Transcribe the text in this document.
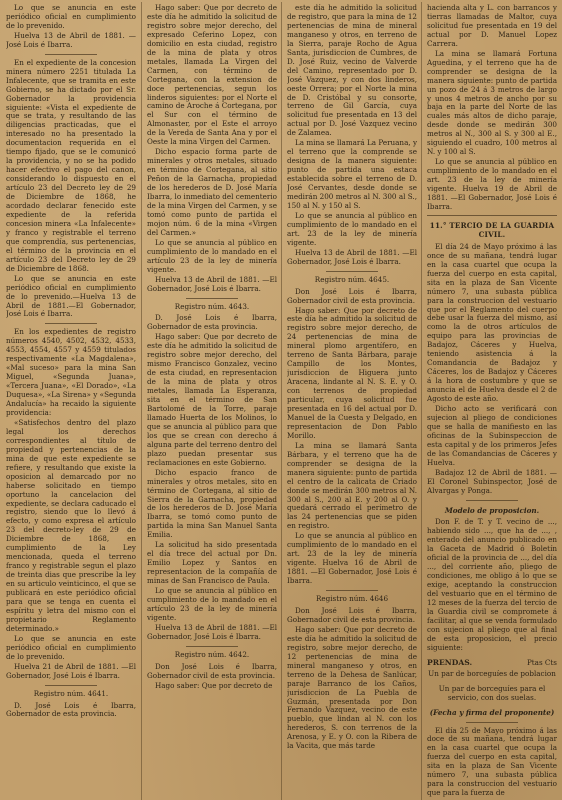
Lo que se anuncia en este periódico oficial en cumplimiento de lo prevenido.

Huelva 13 de Abril de 1881. —José Lois é Ibarra.

En el expediente de la concesion minera número 2251 titulada La Infalecente, que se tramita en este Gobierno, se ha dictado por el Sr. Gobernador la providencia siguiente: «Vista el expediente de que se trata, y resultando de las diligencias practicadas, que el interesado no ha presentado la documentacion requerida en el tiempo fijado, que se le comunicó la providencia, y no se ha podido hacer efectivo el pago del canon, considerando lo dispuesto en el artículo 23 del Decreto ley de 29 de Diciembre de 1868, he acordado declarar fenecido este expediente de la referida concesion minera «La Infalecente» y franco y registrable el terreno que comprendía, sus pertenencias, el término de la provincia en el artículo 23 del Decreto ley de 29 de Diciembre de 1868.

Lo que se anuncia en este periódico oficial en cumplimiento de lo prevenido.—Huelva 13 de Abril de 1881.—El Gobernador, José Lois é Ibarra.

En los expedientes de registro números 4540, 4502, 4532, 4533, 4553, 4554, 4557 y 4559 titulados respectivamente «La Magdalena», «Mal suceso» para la mina San Miguel, «Segunda Juana», «Tercera Juana», «El Dorado», «La Duquesa», «La Sirena» y «Segunda Andalucía» ha recaido la siguiente providencia:

«Satisfechos dentro del plazo legal los derechos correspondientes al título de propiedad y pertenencias de la mina de que este expediente se refiere, y resultando que existe la oposicion al demarcado por no haberse solicitado en tiempo oportuno la cancelacion del expediente, se declara caducado el registro, siendo que lo llevó á efecto, y como expresa el artículo 23 del decreto-ley de 29 de Diciembre de 1868, en cumplimiento de la Ley mencionada, queda el terreno franco y registrable segun el plazo de treinta dias que prescribe la ley en su articulo veinticinco, el que se publicará en este periódico oficial para que se tenga en cuenta el espíritu y letra del mismo con el propietario Reglamento determinado.»

Lo que se anuncia en este periódico oficial en cumplimiento de lo prevenido.

Huelva 21 de Abril de 1881. —El Gobernador, José Lois é Ibarra.

Registro núm. 4641.

D. José Lois é Ibarra, Gobernador de esta provincia.

Hago saber: Que por decreto de este día he admitido la solicitud de registro sobre mejor derecho, del expresado Ceferino Lopez, con domicilio en esta ciudad, registro de la mina de plata y otros metales, llamada La Virgen del Carmen, con término de Cortegana, con la extension de doce pertenencias, segun los linderos siguientes: por el Norte el camino de Aroche á Cortegana, por el Sur con el término de Almonaster, por el Este el arroyo de la Vereda de Santa Ana y por el Oeste la mina Virgen del Carmen.

Dicho espacio forma parte de minerales y otros metales, situado en término de Cortegana, al sitio Peñon de la Garnacha, propiedad de los herederos de D. José María Ibarra, lo inmediato del cementerio de la mina Virgen del Carmen, y se tomó como punto de partida el mojon núm. 6 de la mina «Virgen del Carmen.»

Lo que se anuncia al público en cumplimiento de lo mandado en el artículo 23 de la ley de minería vigente.

Huelva 13 de Abril de 1881. —El Gobernador, José Lois é Ibarra.

Registro núm. 4643.

D. José Lois é Ibarra, Gobernador de esta provincia.

Hago saber: Que por decreto de este día he admitido la solicitud de registro sobre mejor derecho, del mismo Francisco Gonzalez, vecino de esta ciudad, en representacion de la mina de plata y otros metales, llamada La Esperanza, sita en el término de San Bartolomé de la Torre, paraje llamado Huerta de los Molinos, lo que se anuncia al público para que los que se crean con derecho á alguna parte del terreno dentro del plazo puedan presentar sus reclamaciones en este Gobierno.

Dicho espacio franco de minerales y otros metales, sito en término de Cortegana, al sitio de Sierra de la Garnacha, propiedad de los herederos de D. José María Ibarra, se tomó como punto de partida la mina San Manuel Santa Emilia.

La solicitud ha sido presentada el día trece del actual por Dn. Emilio Lopez y Santos en representacion de la compañía de minas de San Francisco de Paula.

Lo que se anuncia al público en cumplimiento de lo mandado en el artículo 23 de la ley de minería vigente.

Huelva 13 de Abril de 1881. —El Gobernador, José Lois é Ibarra.

Registro núm. 4642.

Don José Lois é Ibarra, Gobernador civil de esta provincia.

Hago saber: Que por decreto de

este día he admitido la solicitud de registro, que para la mina de 12 pertenencias de mina de mineral manganeso y otros, en terreno de la Sierra, paraje Rocho de Agua Santa, jurisdiccion de Cumbres, de D. José Ruiz, vecino de Valverde del Camino, representado por D. José Vazquez, y con dos linderos, oeste Orrera; por el Norte la mina de D. Cristóbal y su consorte, terreno de Gil García, cuya solicitud fue presentada en 13 del actual por D. José Vazquez vecino de Zalamea.

La mina se llamará La Peruana, y el terreno que la comprende se designa de la manera siguiente: punto de partida una estaca establecida sobre el terreno de D. José Cervantes, desde donde se medirán 200 metros al N. 300 al S., 150 al N. y 150 al S.

Lo que se anuncia al público en cumplimiento de lo mandado en el art. 23 de la ley de minería vigente.

Huelva 13 de Abril de 1881. —El Gobernador, José Lois é Ibarra.

Registro núm. 4645.

Don José Lois é Ibarra, Gobernador civil de esta provincia.

Hago saber: Que por decreto de este día he admitido la solicitud de registro sobre mejor derecho, de 24 pertenencias de mina de mineral plomo argentífero, en terreno de Santa Bárbara, paraje Campillo de los Montes, jurisdiccion de Higuera junto Aracena, lindante al N. S. E. y O. con terrenos de propiedad particular, cuya solicitud fue presentada en 16 del actual por D. Manuel de la Cuesta y Delgado, en representacion de Don Pablo Morillo.

La mina se llamará Santa Bárbara, y el terreno que ha de comprender se designa de la manera siguiente: punto de partida el centro de la calicata de Criado donde se medirán 300 metros al N. 300 al S., 200 al E. y 200 al O. y quedará cerrado el perímetro de las 24 pertenencias que se piden en registro.

Lo que se anuncia al público en cumplimiento de lo mandado en el art. 23 de la ley de minería vigente. Huelva 16 de Abril de 1881. —El Gobernador, José Lois é Ibarra.

Registro núm. 4646

Don José Lois é Ibarra, Gobernador civil de esta provincia.

Hago saber: Que por decreto de este día he admitido la solicitud de registro, sobre mejor derecho, de 12 pertenencias de mina de mineral manganeso y otros, en terreno de la Dehesa de Sanlúcar, paraje Barranco de los Caños, jurisdiccion de La Puebla de Guzmán, presentada por Don Fernando Vazquez, vecino de este pueblo, que lindan al N. con los herederos, S. con terrenos de la Arenosa, y E. y O. con la Ribera de la Vacita, que más tarde

hacienda alta y L. con barrancos y tierras llamadas de Maltor, cuya solicitud fue presentada en 19 del actual por D. Manuel Lopez Carrera.

La mina se llamará Fortuna Aguedina, y el terreno que ha de comprender se designa de la manera siguiente: punto de partida un pozo de 24 á 3 metros de largo y unos 4 metros de ancho por su baja en la parte del Norte de las cuales más altos de dicho paraje, desde donde se medirán 300 metros al N., 300 al S. y 300 al E., siguiendo el cuadro, 100 metros al N. y 100 al S.

Lo que se anuncia al público en cumplimiento de lo mandado en el art. 23 de la ley de minería vigente. Huelva 19 de Abril de 1881. —El Gobernador, José Lois é Ibarra.

11.° TERCIO DE LA GUARDIA CIVIL.

El día 24 de Mayo próximo á las once de su mañana, tendrá lugar en la casa cuartel que ocupa la fuerza del cuerpo en esta capital, sita en la plaza de San Vicente número 7, una subasta pública para la construccion del vestuario que por el Reglamento del cuerpo debe usar la fuerza del mismo, así como la de otros artículos de equipo para las provincias de Badajoz, Cáceres y Huelva, teniendo asistencia á la Comandancia de Badajoz y Cáceres, los de Badajoz y Cáceres á la hora de costumbre y que se anuncia el de Huelva desde el 2 de Agosto de este año.

Dicho acto se verificará con sujecion al pliego de condiciones que se halla de manifiesto en las oficinas de la Subinspeccion de esta capital y de los primeros Jefes de las Comandancias de Cáceres y Huelva.

Badajoz 12 de Abril de 1881. —El Coronel Subinspector, José de Alvargas y Ponga.

Modelo de proposicion.

Don F. de T. y T. vecino de ..., habiendo sido ..., que ha de ..., , enterado del anuncio publicado en la Gaceta de Madrid ó Boletín oficial de la provincia de ..., del día ..., del corriente año, pliego de condiciones, me obligo á lo que se exige, aceptando la construccion del vestuario que en el término de 12 meses de la fuerza del tercio de la Guardia civil se compromete á facilitar, al que se venda formulado con sujecion al pliego que al final de esta proposicion, el precio siguiente:

PRENDAS.	Ptas Cts

Un par de borceguíes de poblacion

Un par de borceguíes para el servicio, con dos suelas.

(Fecha y firma del proponente)

El día 25 de Mayo próximo á las doce de su mañana, tendrá lugar en la casa cuartel que ocupa la fuerza del cuerpo en esta capital, sita en la plaza de San Vicente número 7, una subasta pública para la construccion del vestuario que para la fuerza de
